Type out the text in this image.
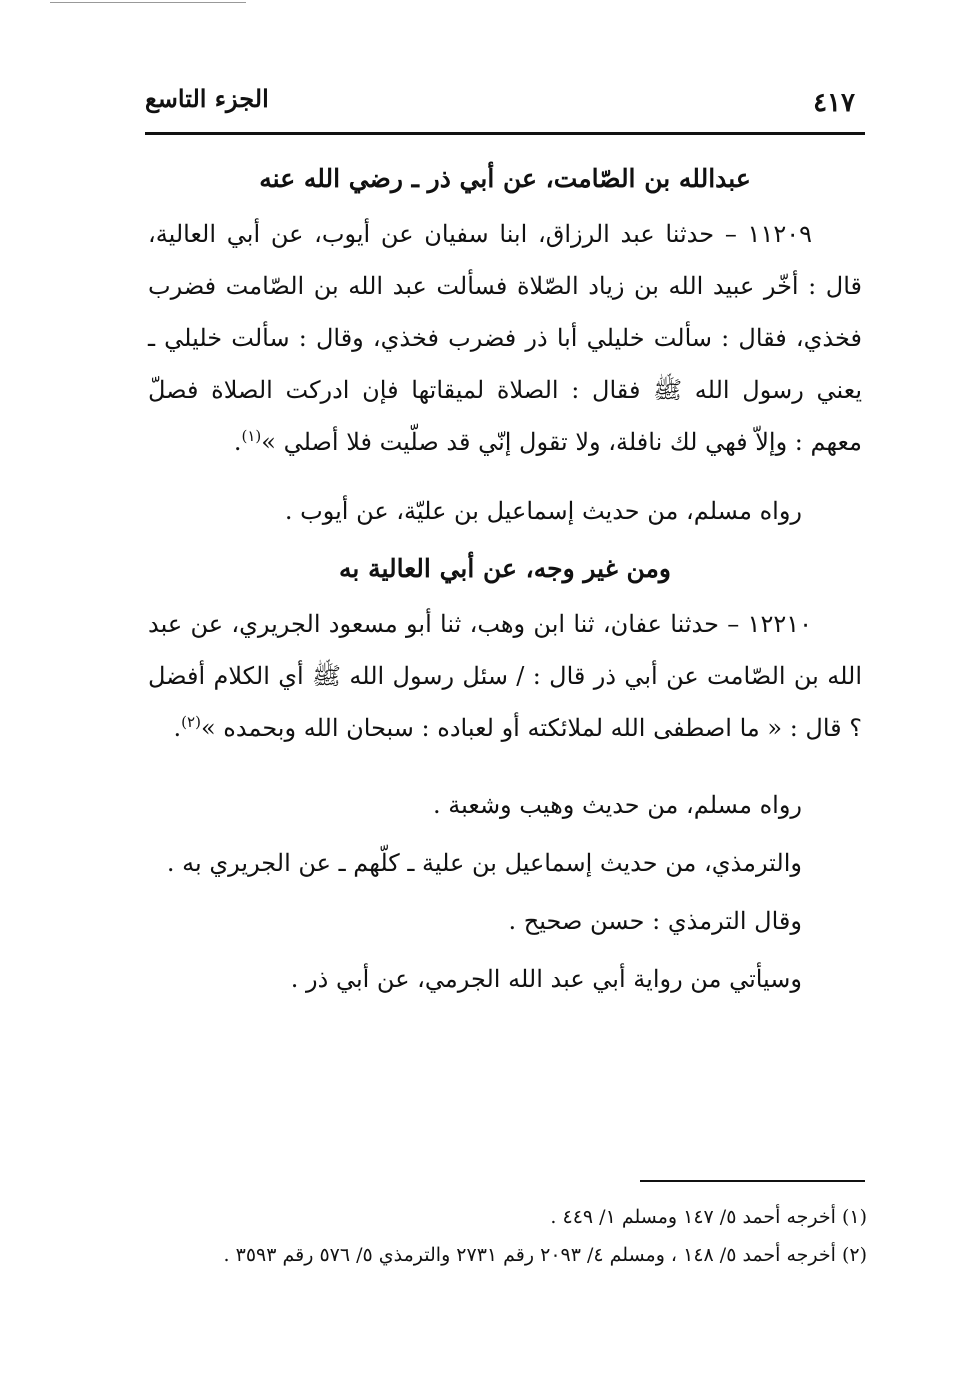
٤١٧
الجزء التاسع

عبدالله بن الصّامت، عن أبي ذر ـ رضي الله عنه

١١٢٠٩ – حدثنا عبد الرزاق، ابنا سفيان عن أيوب، عن أبي العالية، قال : أخّر عبيد الله بن زياد الصّلاة فسألت عبد الله بن الصّامت فضرب فخذي، فقال : سألت خليلي أبا ذر فضرب فخذي، وقال : سألت خليلي ـ يعني رسول الله ﷺ فقال : الصلاة لميقاتها فإن ادركت الصلاة فصلّ معهم : وإلاّ فهي لك نافلة، ولا تقول إنّي قد صلّيت فلا أصلي »$^{(١)}$.

رواه مسلم، من حديث إسماعيل بن عليّة، عن أيوب .

ومن غير وجه، عن أبي العالية به

١٢٢١٠ – حدثنا عفان، ثنا ابن وهب، ثنا أبو مسعود الجريري، عن عبد الله بن الصّامت عن أبي ذر قال : / سئل رسول الله ﷺ أي الكلام أفضل ؟ قال : « ما اصطفى الله لملائكته أو لعباده : سبحان الله وبحمده »$^{(٢)}$.

رواه مسلم، من حديث وهيب وشعبة .

والترمذي، من حديث إسماعيل بن علية ـ كلّهم ـ عن الجريري به .

وقال الترمذي : حسن صحيح .

وسيأتي من رواية أبي عبد الله الجرمي، عن أبي ذر .

(١) أخرجه أحمد ٥/ ١٤٧ ومسلم ١/ ٤٤٩ .

(٢) أخرجه أحمد ٥/ ١٤٨ ، ومسلم ٤/ ٢٠٩٣ رقم ٢٧٣١ والترمذي ٥/ ٥٧٦ رقم ٣٥٩٣ .
